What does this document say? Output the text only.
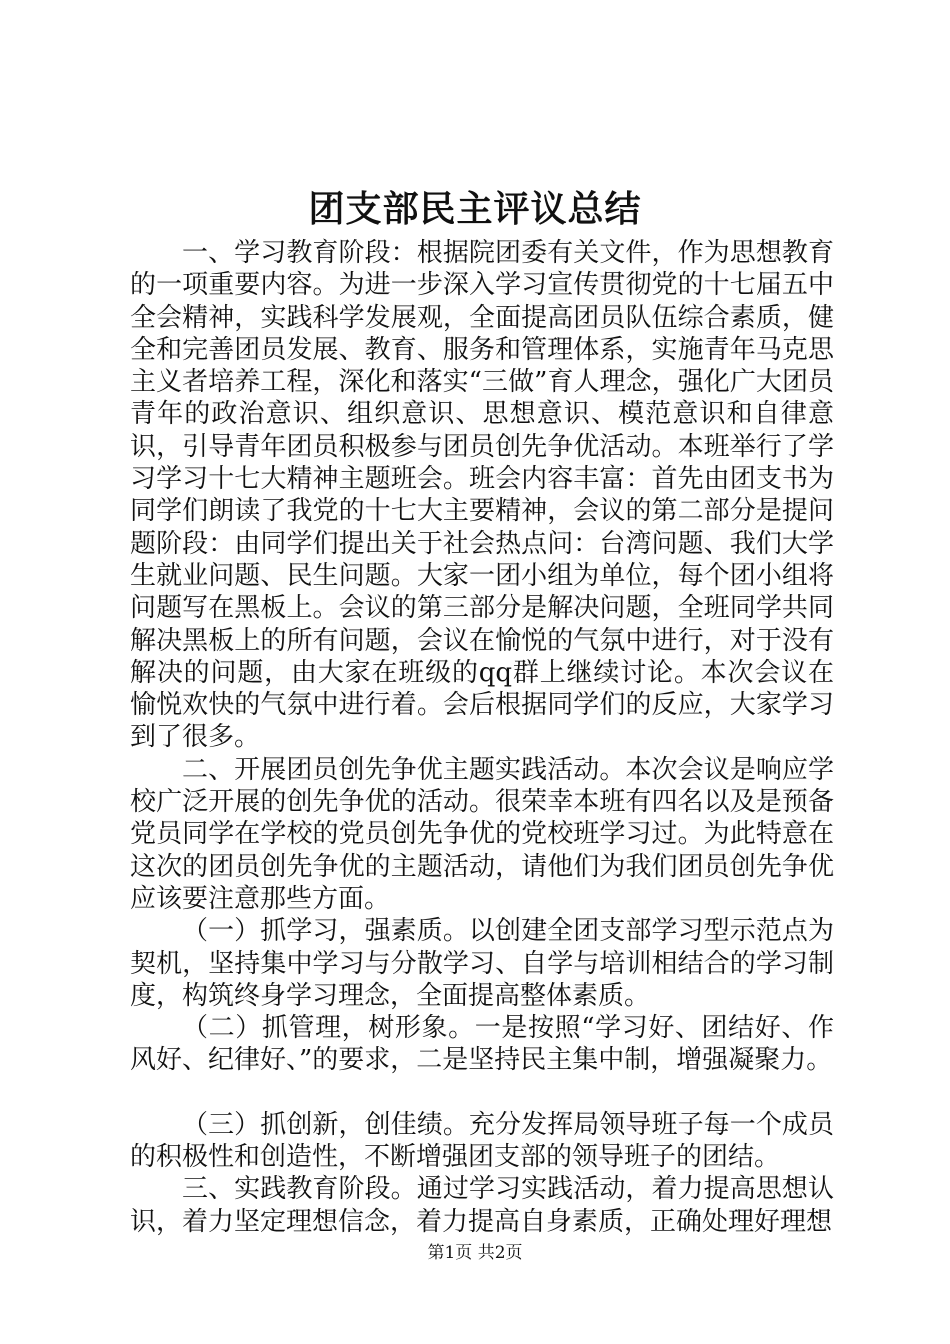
团支部民主评议总结

一、学习教育阶段：根据院团委有关文件，作为思想教育的一项重要内容。为进一步深入学习宣传贯彻党的十七届五中全会精神，实践科学发展观，全面提高团员队伍综合素质，健全和完善团员发展、教育、服务和管理体系，实施青年马克思主义者培养工程，深化和落实“三做”育人理念，强化广大团员青年的政治意识、组织意识、思想意识、模范意识和自律意识，引导青年团员积极参与团员创先争优活动。本班举行了学习学习十七大精神主题班会。班会内容丰富：首先由团支书为同学们朗读了我党的十七大主要精神，会议的第二部分是提问题阶段：由同学们提出关于社会热点问：台湾问题、我们大学生就业问题、民生问题。大家一团小组为单位，每个团小组将问题写在黑板上。会议的第三部分是解决问题，全班同学共同解决黑板上的所有问题，会议在愉悦的气氛中进行，对于没有解决的问题，由大家在班级的qq群上继续讨论。本次会议在愉悦欢快的气氛中进行着。会后根据同学们的反应，大家学习到了很多。

二、开展团员创先争优主题实践活动。本次会议是响应学校广泛开展的创先争优的活动。很荣幸本班有四名以及是预备党员同学在学校的党员创先争优的党校班学习过。为此特意在这次的团员创先争优的主题活动，请他们为我们团员创先争优应该要注意那些方面。

（一）抓学习，强素质。以创建全团支部学习型示范点为契机，坚持集中学习与分散学习、自学与培训相结合的学习制度，构筑终身学习理念，全面提高整体素质。

（二）抓管理，树形象。一是按照“学习好、团结好、作风好、纪律好、”的要求，二是坚持民主集中制，增强凝聚力。

（三）抓创新，创佳绩。充分发挥局领导班子每一个成员的积极性和创造性，不断增强团支部的领导班子的团结。

三、实践教育阶段。通过学习实践活动，着力提高思想认识，着力坚定理想信念，着力提高自身素质，正确处理好理想

第1页 共2页
